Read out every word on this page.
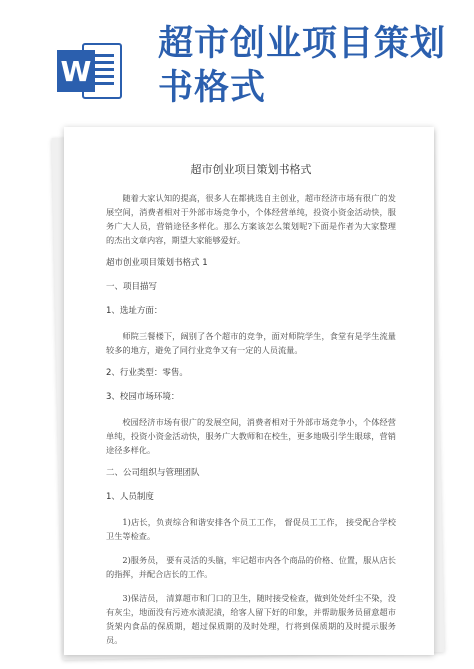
W
超市创业项目策划
书格式
超市创业项目策划书格式

随着大家认知的提高，很多人在都挑选自主创业，超市经济市场有很广的发展空间，消费者相对于外部市场竞争小，个体经营单纯，投资小资金活动快，服务广大人员，营销途径多样化。那么方案该怎么策划呢?下面是作者为大家整理的杰出文章内容，期望大家能够爱好。

超市创业项目策划书格式 1
一、项目描写
1、选址方面：

师院三餐楼下，阔别了各个超市的竞争，面对师院学生，食堂有是学生流量较多的地方，避免了同行业竞争又有一定的人员流量。

2、行业类型：零售。
3、校园市场环境：

校园经济市场有很广的发展空间，消费者相对于外部市场竞争小，个体经营单纯，投资小资金活动快，服务广大教师和在校生，更多地吸引学生眼球，营销途径多样化。

二、公司组织与管理团队
1、人员制度

1)店长，负责综合和谐安排各个员工工作， 督促员工工作， 接受配合学校卫生等检查。

2)服务员， 要有灵活的头脑，牢记超市内各个商品的价格、位置，服从店长的指挥，并配合店长的工作。

3)保洁员， 清算超市和门口的卫生，随时接受检查，做到处处纤尘不染，没有灰尘，地面没有污迹水渍泥渍，给客人留下好的印象，并帮助服务员留意超市货架内食品的保质期，超过保质期的及时处理，行将到保质期的及时提示服务员。
